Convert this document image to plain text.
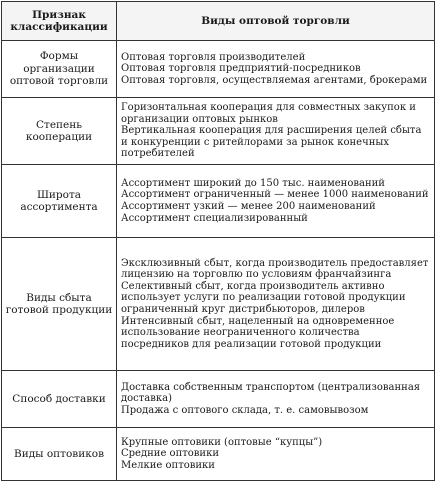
Признак классификации	Виды оптовой торговли
Формы организации оптовой торговли	Оптовая торговля производителей
Оптовая торговля предприятий-посредников
Оптовая торговля, осуществляемая агентами, брокерами

Степень кооперации	Горизонтальная кооперация для совместных закупок и организации оптовых рынков
Вертикальная кооперация для расширения целей сбыта и конкуренции с ритейлорами за рынок конечных потребителей

Широта ассортимента	Ассортимент широкий до 150 тыс. наименований
Ассортимент ограниченный — менее 1000 наименований
Ассортимент узкий — менее 200 наименований
Ассортимент специализированный

Виды сбыта готовой продукции	Эксклюзивный сбыт, когда производитель предоставляет лицензию на торговлю по условиям франчайзинга
Селективный сбыт, когда производитель активно использует услуги по реализации готовой продукции ограниченный круг дистрибьюторов, дилеров
Интенсивный сбыт, нацеленный на одновременное использование неограниченного количества посредников для реализации готовой продукции

Способ доставки	Доставка собственным транспортом (централизованная доставка)
Продажа с оптового склада, т. е. самовывозом

Виды оптовиков	Крупные оптовики (оптовые “купцы”)
Средние оптовики
Мелкие оптовики
